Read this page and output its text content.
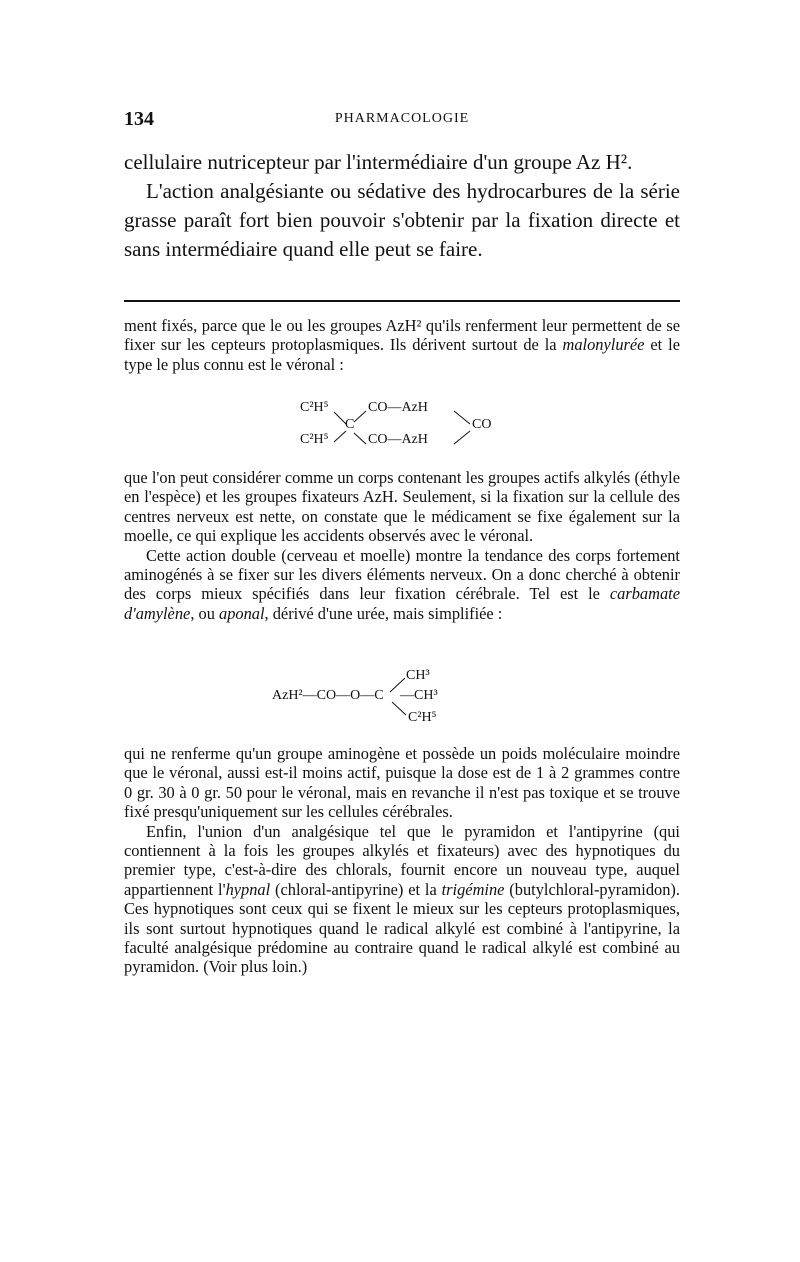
134	PHARMACOLOGIE

cellulaire nutricepteur par l'intermédiaire d'un groupe Az H².

L'action analgésiante ou sédative des hydrocarbures de la série grasse paraît fort bien pouvoir s'obtenir par la fixation directe et sans intermédiaire quand elle peut se faire.

ment fixés, parce que le ou les groupes AzH² qu'ils renferment leur permettent de se fixer sur les cepteurs protoplasmiques. Ils dérivent surtout de la malonylurée et le type le plus connu est le véronal :

C²H⁵
C²H⁵
C
CO—AzH
CO—AzH
CO

que l'on peut considérer comme un corps contenant les groupes actifs alkylés (éthyle en l'espèce) et les groupes fixateurs AzH. Seulement, si la fixation sur la cellule des centres nerveux est nette, on constate que le médicament se fixe également sur la moelle, ce qui explique les accidents observés avec le véronal.

Cette action double (cerveau et moelle) montre la tendance des corps fortement aminogénés à se fixer sur les divers éléments nerveux. On a donc cherché à obtenir des corps mieux spécifiés dans leur fixation cérébrale. Tel est le carbamate d'amylène, ou aponal, dérivé d'une urée, mais simplifiée :

AzH²—CO—O—C
CH³
—CH³
C²H⁵

qui ne renferme qu'un groupe aminogène et possède un poids moléculaire moindre que le véronal, aussi est-il moins actif, puisque la dose est de 1 à 2 grammes contre 0 gr. 30 à 0 gr. 50 pour le véronal, mais en revanche il n'est pas toxique et se trouve fixé presqu'uniquement sur les cellules cérébrales.

Enfin, l'union d'un analgésique tel que le pyramidon et l'antipyrine (qui contiennent à la fois les groupes alkylés et fixateurs) avec des hypnotiques du premier type, c'est-à-dire des chlorals, fournit encore un nouveau type, auquel appartiennent l'hypnal (chloral-antipyrine) et la trigémine (butylchloral-pyramidon). Ces hypnotiques sont ceux qui se fixent le mieux sur les cepteurs protoplasmiques, ils sont surtout hypnotiques quand le radical alkylé est combiné à l'antipyrine, la faculté analgésique prédomine au contraire quand le radical alkylé est combiné au pyramidon. (Voir plus loin.)
